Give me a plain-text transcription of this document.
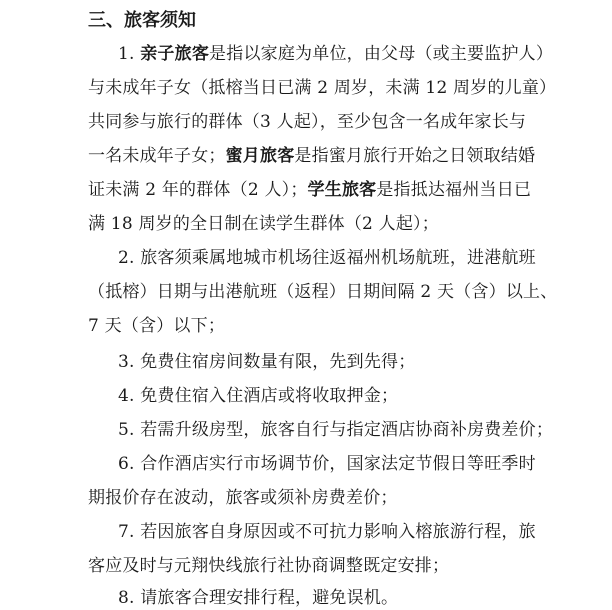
三、旅客须知
1. 亲子旅客是指以家庭为单位，由父母（或主要监护人）
与未成年子女（抵榕当日已满 2 周岁，未满 12 周岁的儿童）
共同参与旅行的群体（3 人起），至少包含一名成年家长与
一名未成年子女；蜜月旅客是指蜜月旅行开始之日领取结婚
证未满 2 年的群体（2 人）；学生旅客是指抵达福州当日已
满 18 周岁的全日制在读学生群体（2 人起）；
2. 旅客须乘属地城市机场往返福州机场航班，进港航班
（抵榕）日期与出港航班（返程）日期间隔 2 天（含）以上、
7 天（含）以下；
3. 免费住宿房间数量有限，先到先得；
4. 免费住宿入住酒店或将收取押金；
5. 若需升级房型，旅客自行与指定酒店协商补房费差价；
6. 合作酒店实行市场调节价，国家法定节假日等旺季时
期报价存在波动，旅客或须补房费差价；
7. 若因旅客自身原因或不可抗力影响入榕旅游行程，旅
客应及时与元翔快线旅行社协商调整既定安排；
8. 请旅客合理安排行程，避免误机。
